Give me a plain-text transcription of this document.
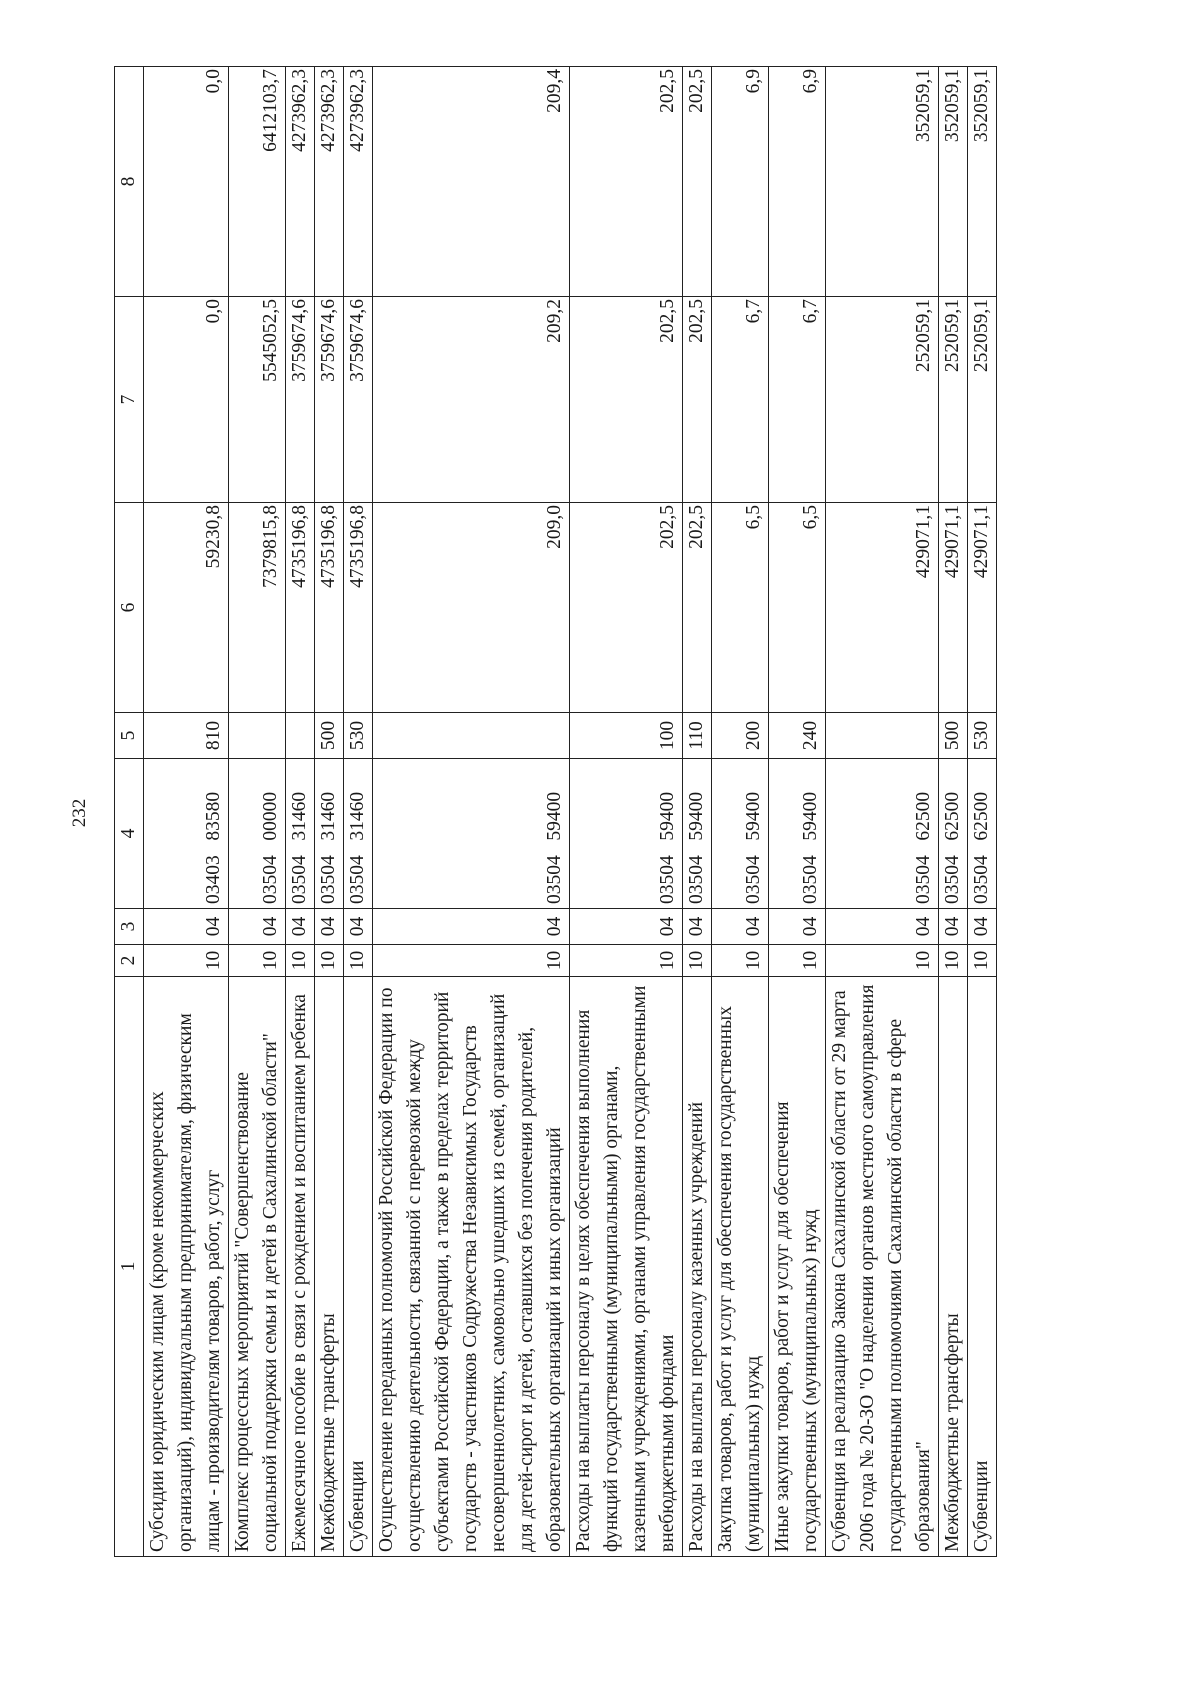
232
1	2	3	4	5	6	7	8
Субсидии юридическим лицам (кроме некоммерческих организаций), индивидуальным предпринимателям, физическим лицам - производителям товаров, работ, услуг	10	04	03403   83580	810	59230,8	0,0	0,0
Комплекс процессных мероприятий "Совершенствование социальной поддержки семьи и детей в Сахалинской области"	10	04	03504   00000		7379815,8	5545052,5	6412103,7
Ежемесячное пособие в связи с рождением и воспитанием ребенка	10	04	03504   31460		4735196,8	3759674,6	4273962,3
Межбюджетные трансферты	10	04	03504   31460	500	4735196,8	3759674,6	4273962,3
Субвенции	10	04	03504   31460	530	4735196,8	3759674,6	4273962,3
Осуществление переданных полномочий Российской Федерации по осуществлению деятельности, связанной с перевозкой между субъектами Российской Федерации, а также в пределах территорий государств - участников Содружества Независимых Государств несовершеннолетних, самовольно ушедших из семей, организаций для детей-сирот и детей, оставшихся без попечения родителей, образовательных организаций и иных организаций	10	04	03504   59400		209,0	209,2	209,4
Расходы на выплаты персоналу в целях обеспечения выполнения функций государственными (муниципальными) органами, казенными учреждениями, органами управления государственными внебюджетными фондами	10	04	03504   59400	100	202,5	202,5	202,5
Расходы на выплаты персоналу казенных учреждений	10	04	03504   59400	110	202,5	202,5	202,5
Закупка товаров, работ и услуг для обеспечения государственных (муниципальных) нужд	10	04	03504   59400	200	6,5	6,7	6,9
Иные закупки товаров, работ и услуг для обеспечения государственных (муниципальных) нужд	10	04	03504   59400	240	6,5	6,7	6,9
Субвенция на реализацию Закона Сахалинской области от 29 марта 2006 года № 20-ЗО "О наделении органов местного самоуправления государственными полномочиями Сахалинской области в сфере образования"	10	04	03504   62500		429071,1	252059,1	352059,1
Межбюджетные трансферты	10	04	03504   62500	500	429071,1	252059,1	352059,1
Субвенции	10	04	03504   62500	530	429071,1	252059,1	352059,1
